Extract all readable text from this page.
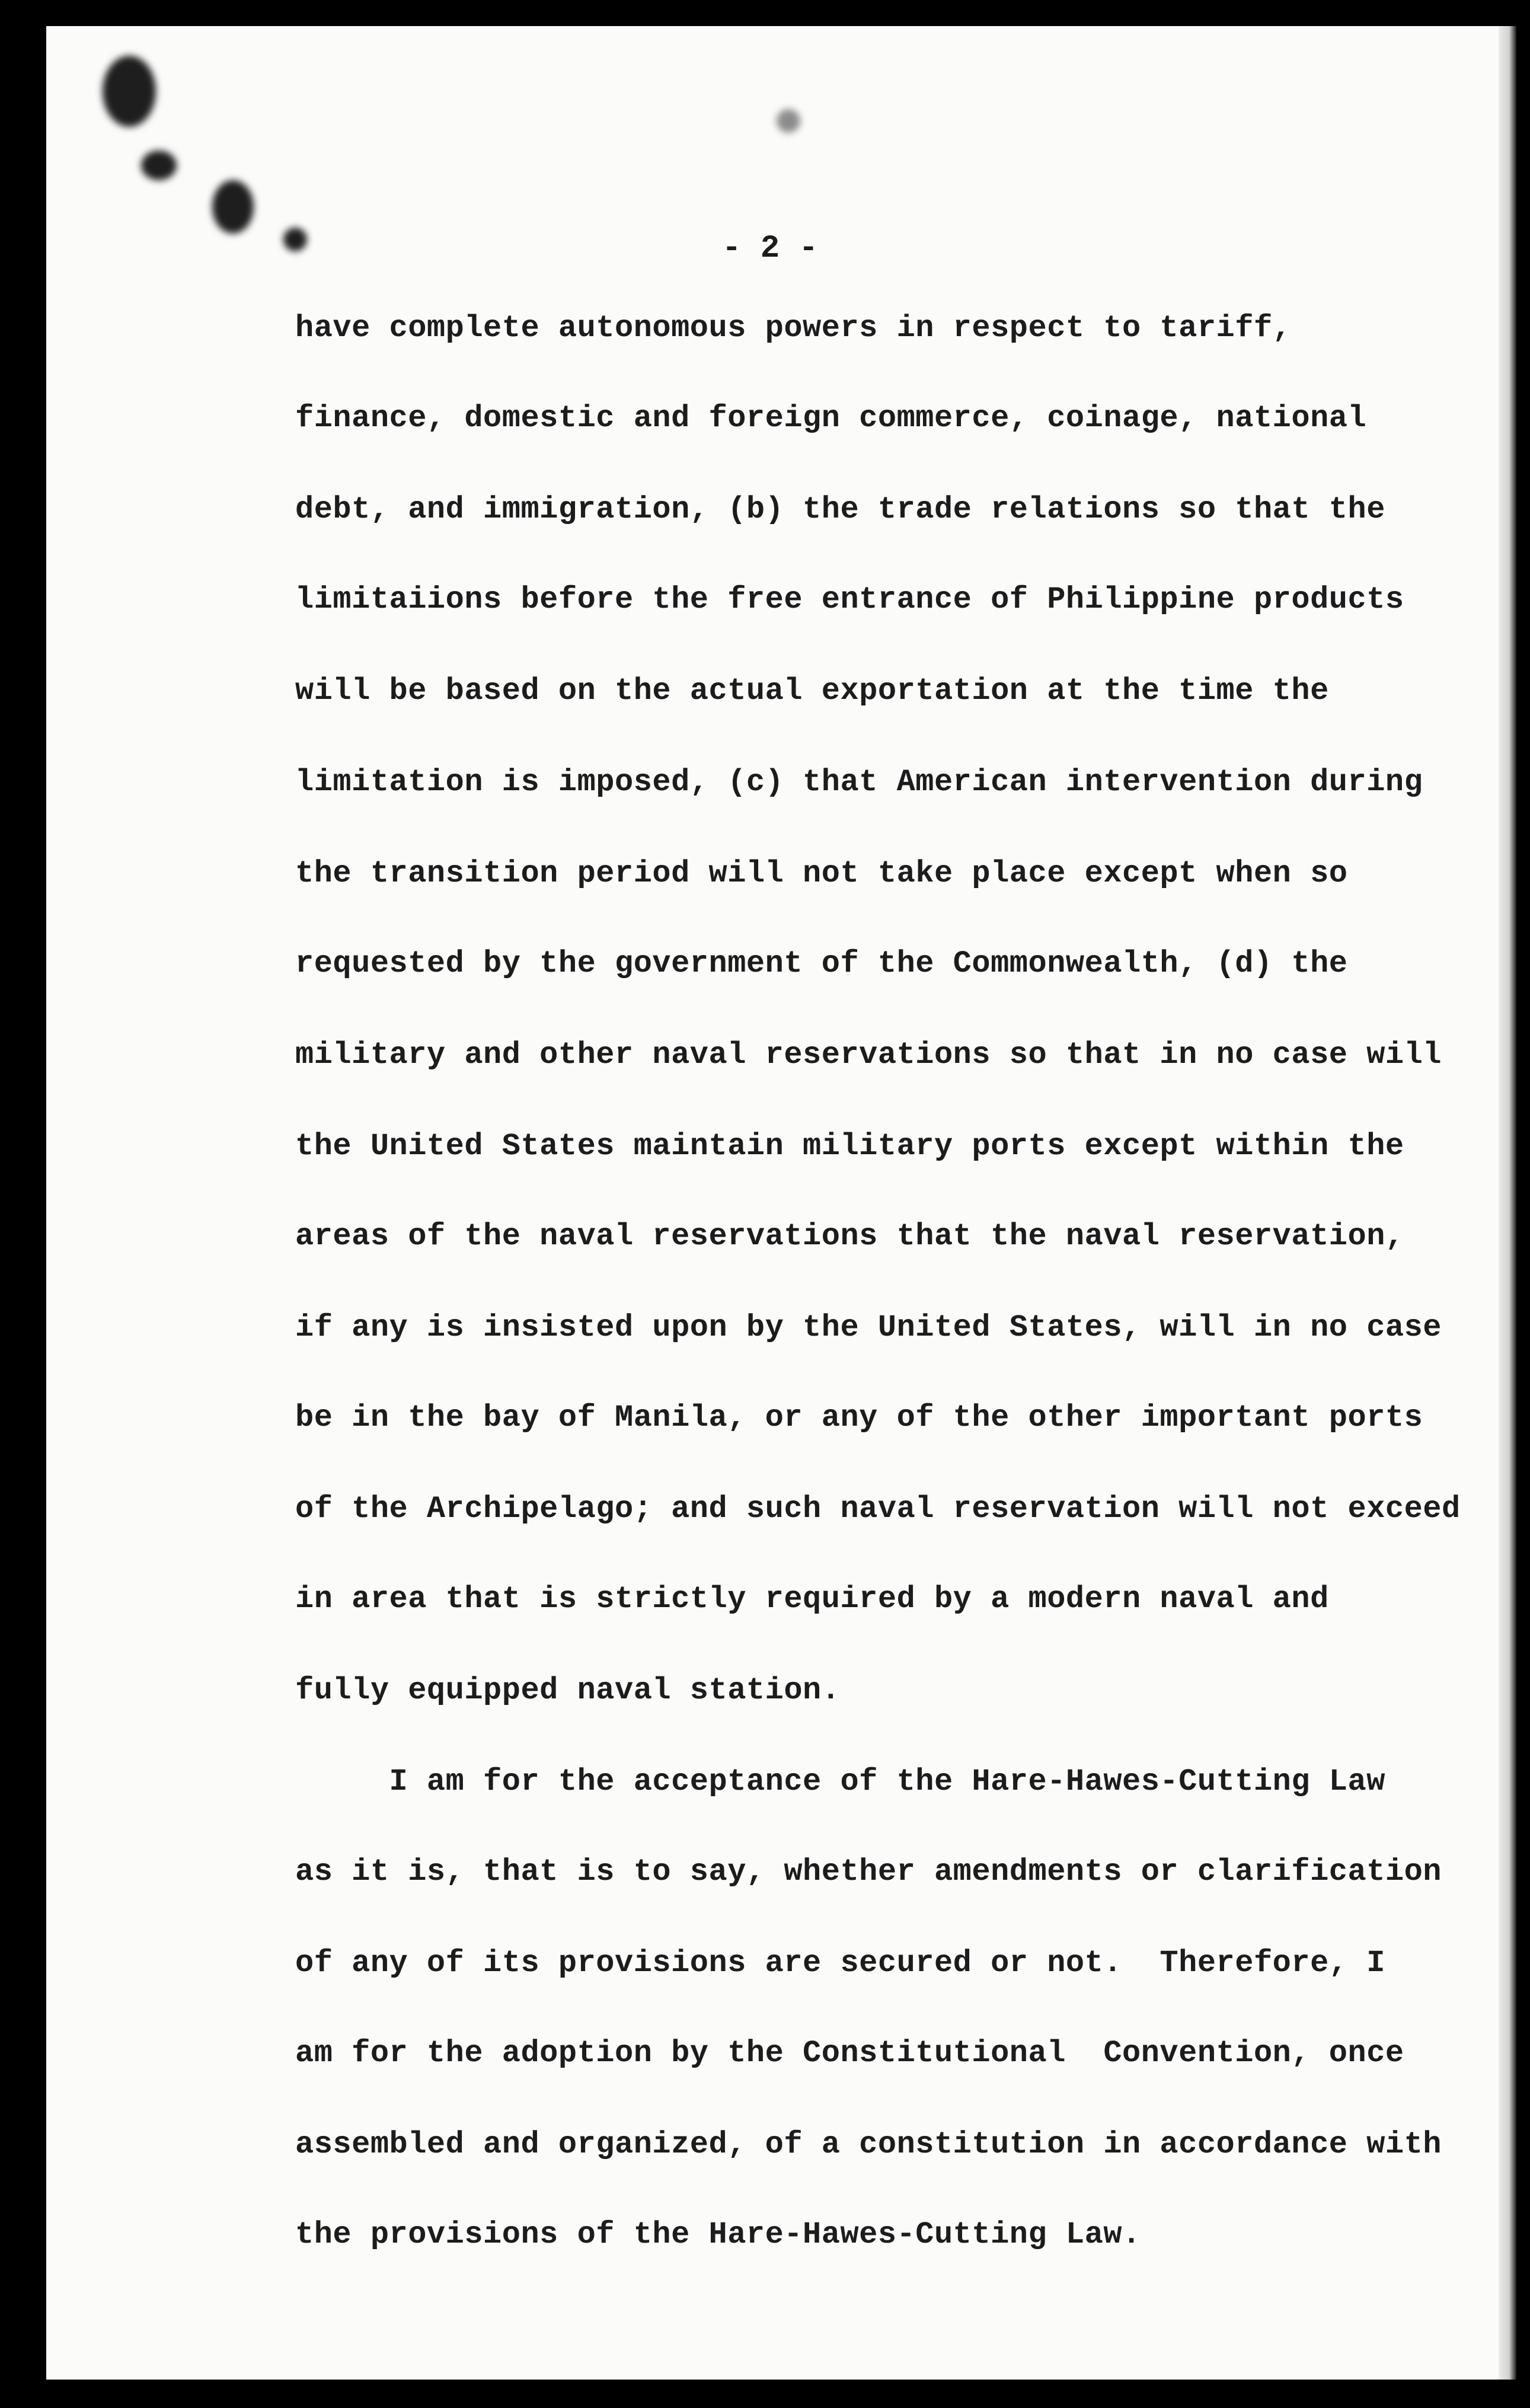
- 2 -

have complete autonomous powers in respect to tariff,

finance, domestic and foreign commerce, coinage, national

debt, and immigration, (b) the trade relations so that the

limitaiions before the free entrance of Philippine products

will be based on the actual exportation at the time the

limitation is imposed, (c) that American intervention during

the transition period will not take place except when so

requested by the government of the Commonwealth, (d) the

military and other naval reservations so that in no case will

the United States maintain military ports except within the

areas of the naval reservations that the naval reservation,

if any is insisted upon by the United States, will in no case

be in the bay of Manila, or any of the other important ports

of the Archipelago; and such naval reservation will not exceed

in area that is strictly required by a modern naval and

fully equipped naval station.

I am for the acceptance of the Hare-Hawes-Cutting Law

as it is, that is to say, whether amendments or clarification

of any of its provisions are secured or not.  Therefore, I

am for the adoption by the Constitutional  Convention, once

assembled and organized, of a constitution in accordance with

the provisions of the Hare-Hawes-Cutting Law.
